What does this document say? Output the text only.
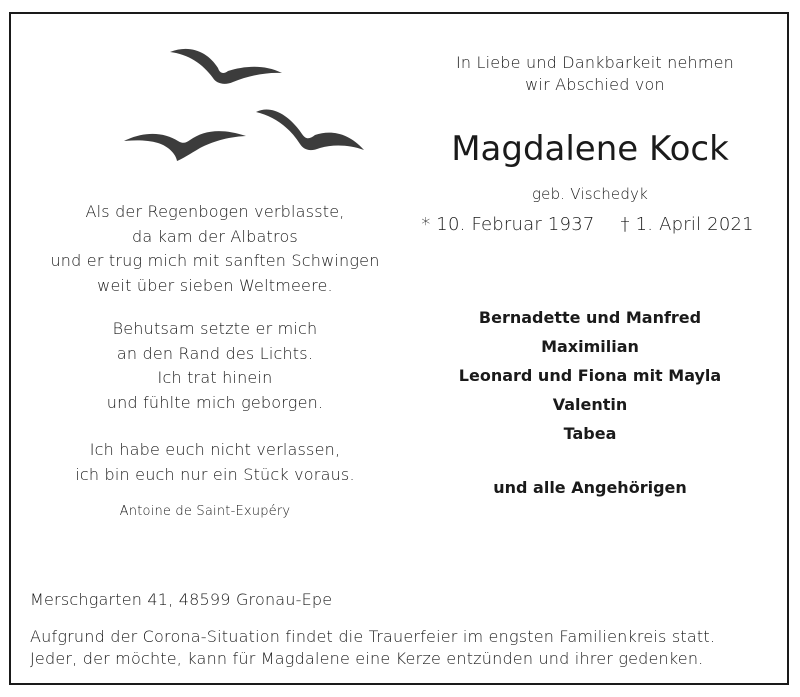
In Liebe und Dankbarkeit nehmen
wir Abschied von
Magdalene Kock
geb. Vischedyk
* 10. Februar 1937 † 1. April 2021
Als der Regenbogen verblasste,
da kam der Albatros
und er trug mich mit sanften Schwingen
weit über sieben Weltmeere.
Behutsam setzte er mich
an den Rand des Lichts.
Ich trat hinein
und fühlte mich geborgen.
Ich habe euch nicht verlassen,
ich bin euch nur ein Stück voraus.
Antoine de Saint-Exupéry
Bernadette und Manfred
Maximilian
Leonard und Fiona mit Mayla
Valentin
Tabea
und alle Angehörigen
Merschgarten 41, 48599 Gronau-Epe
Aufgrund der Corona-Situation findet die Trauerfeier im engsten Familienkreis statt.
Jeder, der möchte, kann für Magdalene eine Kerze entzünden und ihrer gedenken.
